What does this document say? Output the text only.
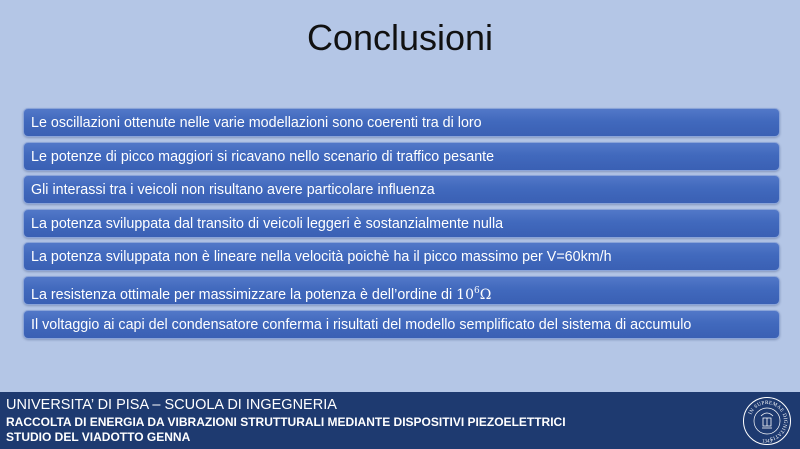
Conclusioni
Le oscillazioni ottenute nelle varie modellazioni sono coerenti tra di loro
Le potenze di picco maggiori si ricavano nello scenario di traffico pesante
Gli interassi tra i veicoli non risultano avere particolare influenza
La potenza sviluppata dal transito di veicoli leggeri è sostanzialmente nulla
La potenza sviluppata non è lineare nella velocità poichè ha il picco massimo per V=60km/h
La resistenza ottimale per massimizzare la potenza è dell’ordine di $10^6\Omega$
Il voltaggio ai capi del condensatore conferma i risultati del modello semplificato del sistema di accumulo
UNIVERSITA’ DI PISA – SCUOLA DI INGEGNERIA
RACCOLTA DI ENERGIA DA VIBRAZIONI STRUTTURALI MEDIANTE DISPOSITIVI PIEZOELETTRICI
STUDIO DEL VIADOTTO GENNA
IN SUPREMAE DIGNITATIS
1343
